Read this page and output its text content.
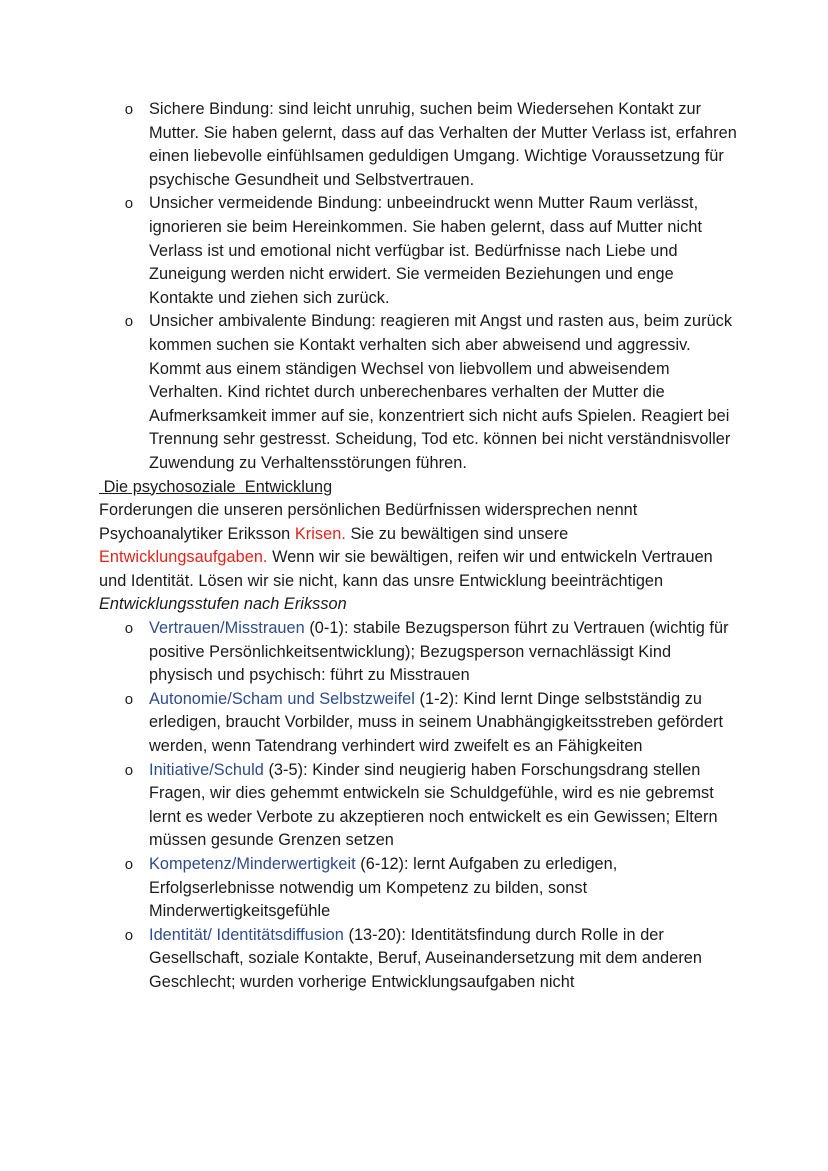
o Sichere Bindung: sind leicht unruhig, suchen beim Wiedersehen Kontakt zur Mutter. Sie haben gelernt, dass auf das Verhalten der Mutter Verlass ist, erfahren einen liebevolle einfühlsamen geduldigen Umgang. Wichtige Voraussetzung für psychische Gesundheit und Selbstvertrauen.
o Unsicher vermeidende Bindung: unbeeindruckt wenn Mutter Raum verlässt, ignorieren sie beim Hereinkommen. Sie haben gelernt, dass auf Mutter nicht Verlass ist und emotional nicht verfügbar ist. Bedürfnisse nach Liebe und Zuneigung werden nicht erwidert. Sie vermeiden Beziehungen und enge Kontakte und ziehen sich zurück.
o Unsicher ambivalente Bindung: reagieren mit Angst und rasten aus, beim zurück kommen suchen sie Kontakt verhalten sich aber abweisend und aggressiv. Kommt aus einem ständigen Wechsel von liebvollem und abweisendem Verhalten. Kind richtet durch unberechenbares verhalten der Mutter die Aufmerksamkeit immer auf sie, konzentriert sich nicht aufs Spielen. Reagiert bei Trennung sehr gestresst. Scheidung, Tod etc. können bei nicht verständnisvoller Zuwendung zu Verhaltensstörungen führen.

Die psychosoziale  Entwicklung

Forderungen die unseren persönlichen Bedürfnissen widersprechen nennt Psychoanalytiker Eriksson Krisen. Sie zu bewältigen sind unsere Entwicklungsaufgaben. Wenn wir sie bewältigen, reifen wir und entwickeln Vertrauen und Identität. Lösen wir sie nicht, kann das unsre Entwicklung beeinträchtigen

Entwicklungsstufen nach Eriksson

o Vertrauen/Misstrauen (0-1): stabile Bezugsperson führt zu Vertrauen (wichtig für positive Persönlichkeitsentwicklung); Bezugsperson vernachlässigt Kind physisch und psychisch: führt zu Misstrauen
o Autonomie/Scham und Selbstzweifel (1-2): Kind lernt Dinge selbstständig zu erledigen, braucht Vorbilder, muss in seinem Unabhängigkeitsstreben gefördert werden, wenn Tatendrang verhindert wird zweifelt es an Fähigkeiten
o Initiative/Schuld (3-5): Kinder sind neugierig haben Forschungsdrang stellen Fragen, wir dies gehemmt entwickeln sie Schuldgefühle, wird es nie gebremst lernt es weder Verbote zu akzeptieren noch entwickelt es ein Gewissen; Eltern müssen gesunde Grenzen setzen
o Kompetenz/Minderwertigkeit (6-12): lernt Aufgaben zu erledigen, Erfolgserlebnisse notwendig um Kompetenz zu bilden, sonst Minderwertigkeitsgefühle
o Identität/ Identitätsdiffusion (13-20): Identitätsfindung durch Rolle in der Gesellschaft, soziale Kontakte, Beruf, Auseinandersetzung mit dem anderen Geschlecht; wurden vorherige Entwicklungsaufgaben nicht
